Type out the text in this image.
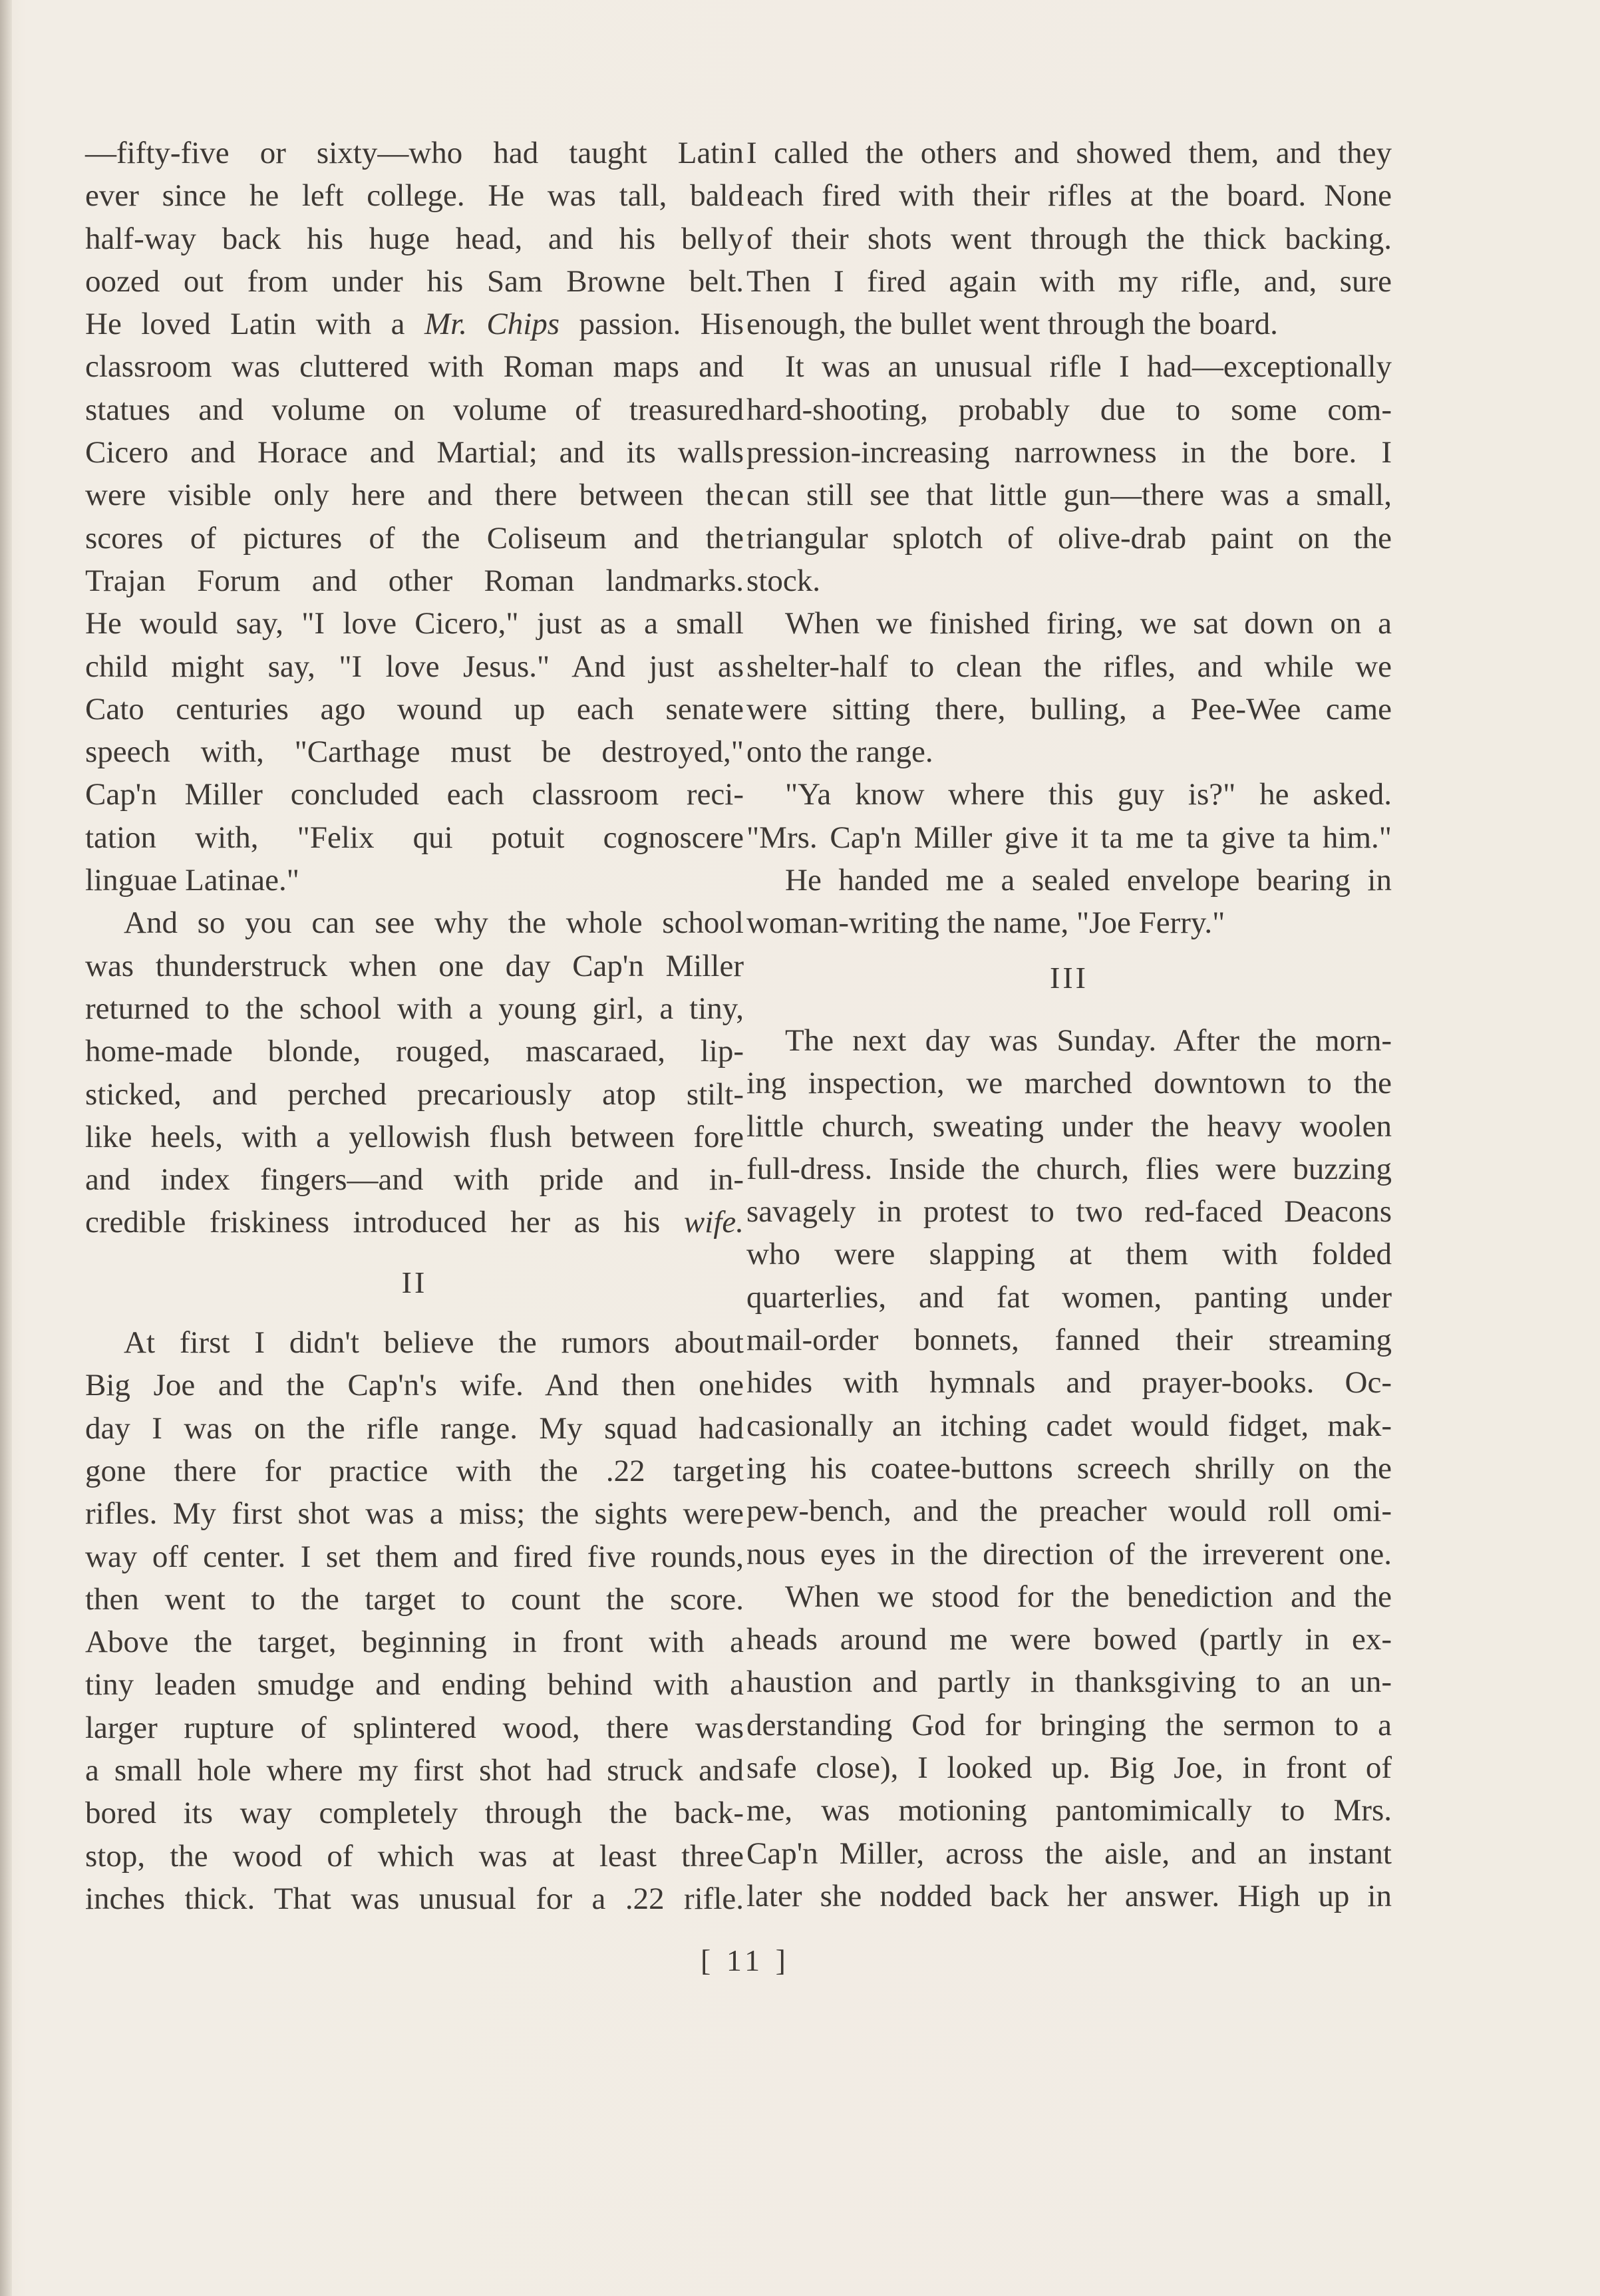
—fifty-five or sixty—who had taught Latin
ever since he left college. He was tall, bald
half-way back his huge head, and his belly
oozed out from under his Sam Browne belt.
He loved Latin with a Mr. Chips passion. His
classroom was cluttered with Roman maps and
statues and volume on volume of treasured
Cicero and Horace and Martial; and its walls
were visible only here and there between the
scores of pictures of the Coliseum and the
Trajan Forum and other Roman landmarks.
He would say, "I love Cicero," just as a small
child might say, "I love Jesus." And just as
Cato centuries ago wound up each senate
speech with, "Carthage must be destroyed,"
Cap'n Miller concluded each classroom reci-
tation with, "Felix qui potuit cognoscere
linguae Latinae."
And so you can see why the whole school
was thunderstruck when one day Cap'n Miller
returned to the school with a young girl, a tiny,
home-made blonde, rouged, mascaraed, lip-
sticked, and perched precariously atop stilt-
like heels, with a yellowish flush between fore
and index fingers—and with pride and in-
credible friskiness introduced her as his wife.
II
At first I didn't believe the rumors about
Big Joe and the Cap'n's wife. And then one
day I was on the rifle range. My squad had
gone there for practice with the .22 target
rifles. My first shot was a miss; the sights were
way off center. I set them and fired five rounds,
then went to the target to count the score.
Above the target, beginning in front with a
tiny leaden smudge and ending behind with a
larger rupture of splintered wood, there was
a small hole where my first shot had struck and
bored its way completely through the back-
stop, the wood of which was at least three
inches thick. That was unusual for a .22 rifle.
I called the others and showed them, and they
each fired with their rifles at the board. None
of their shots went through the thick backing.
Then I fired again with my rifle, and, sure
enough, the bullet went through the board.
It was an unusual rifle I had—exceptionally
hard-shooting, probably due to some com-
pression-increasing narrowness in the bore. I
can still see that little gun—there was a small,
triangular splotch of olive-drab paint on the
stock.
When we finished firing, we sat down on a
shelter-half to clean the rifles, and while we
were sitting there, bulling, a Pee-Wee came
onto the range.
"Ya know where this guy is?" he asked.
"Mrs. Cap'n Miller give it ta me ta give ta him."
He handed me a sealed envelope bearing in
woman-writing the name, "Joe Ferry."
III
The next day was Sunday. After the morn-
ing inspection, we marched downtown to the
little church, sweating under the heavy woolen
full-dress. Inside the church, flies were buzzing
savagely in protest to two red-faced Deacons
who were slapping at them with folded
quarterlies, and fat women, panting under
mail-order bonnets, fanned their streaming
hides with hymnals and prayer-books. Oc-
casionally an itching cadet would fidget, mak-
ing his coatee-buttons screech shrilly on the
pew-bench, and the preacher would roll omi-
nous eyes in the direction of the irreverent one.
When we stood for the benediction and the
heads around me were bowed (partly in ex-
haustion and partly in thanksgiving to an un-
derstanding God for bringing the sermon to a
safe close), I looked up. Big Joe, in front of
me, was motioning pantomimically to Mrs.
Cap'n Miller, across the aisle, and an instant
later she nodded back her answer. High up in
[ 11 ]
